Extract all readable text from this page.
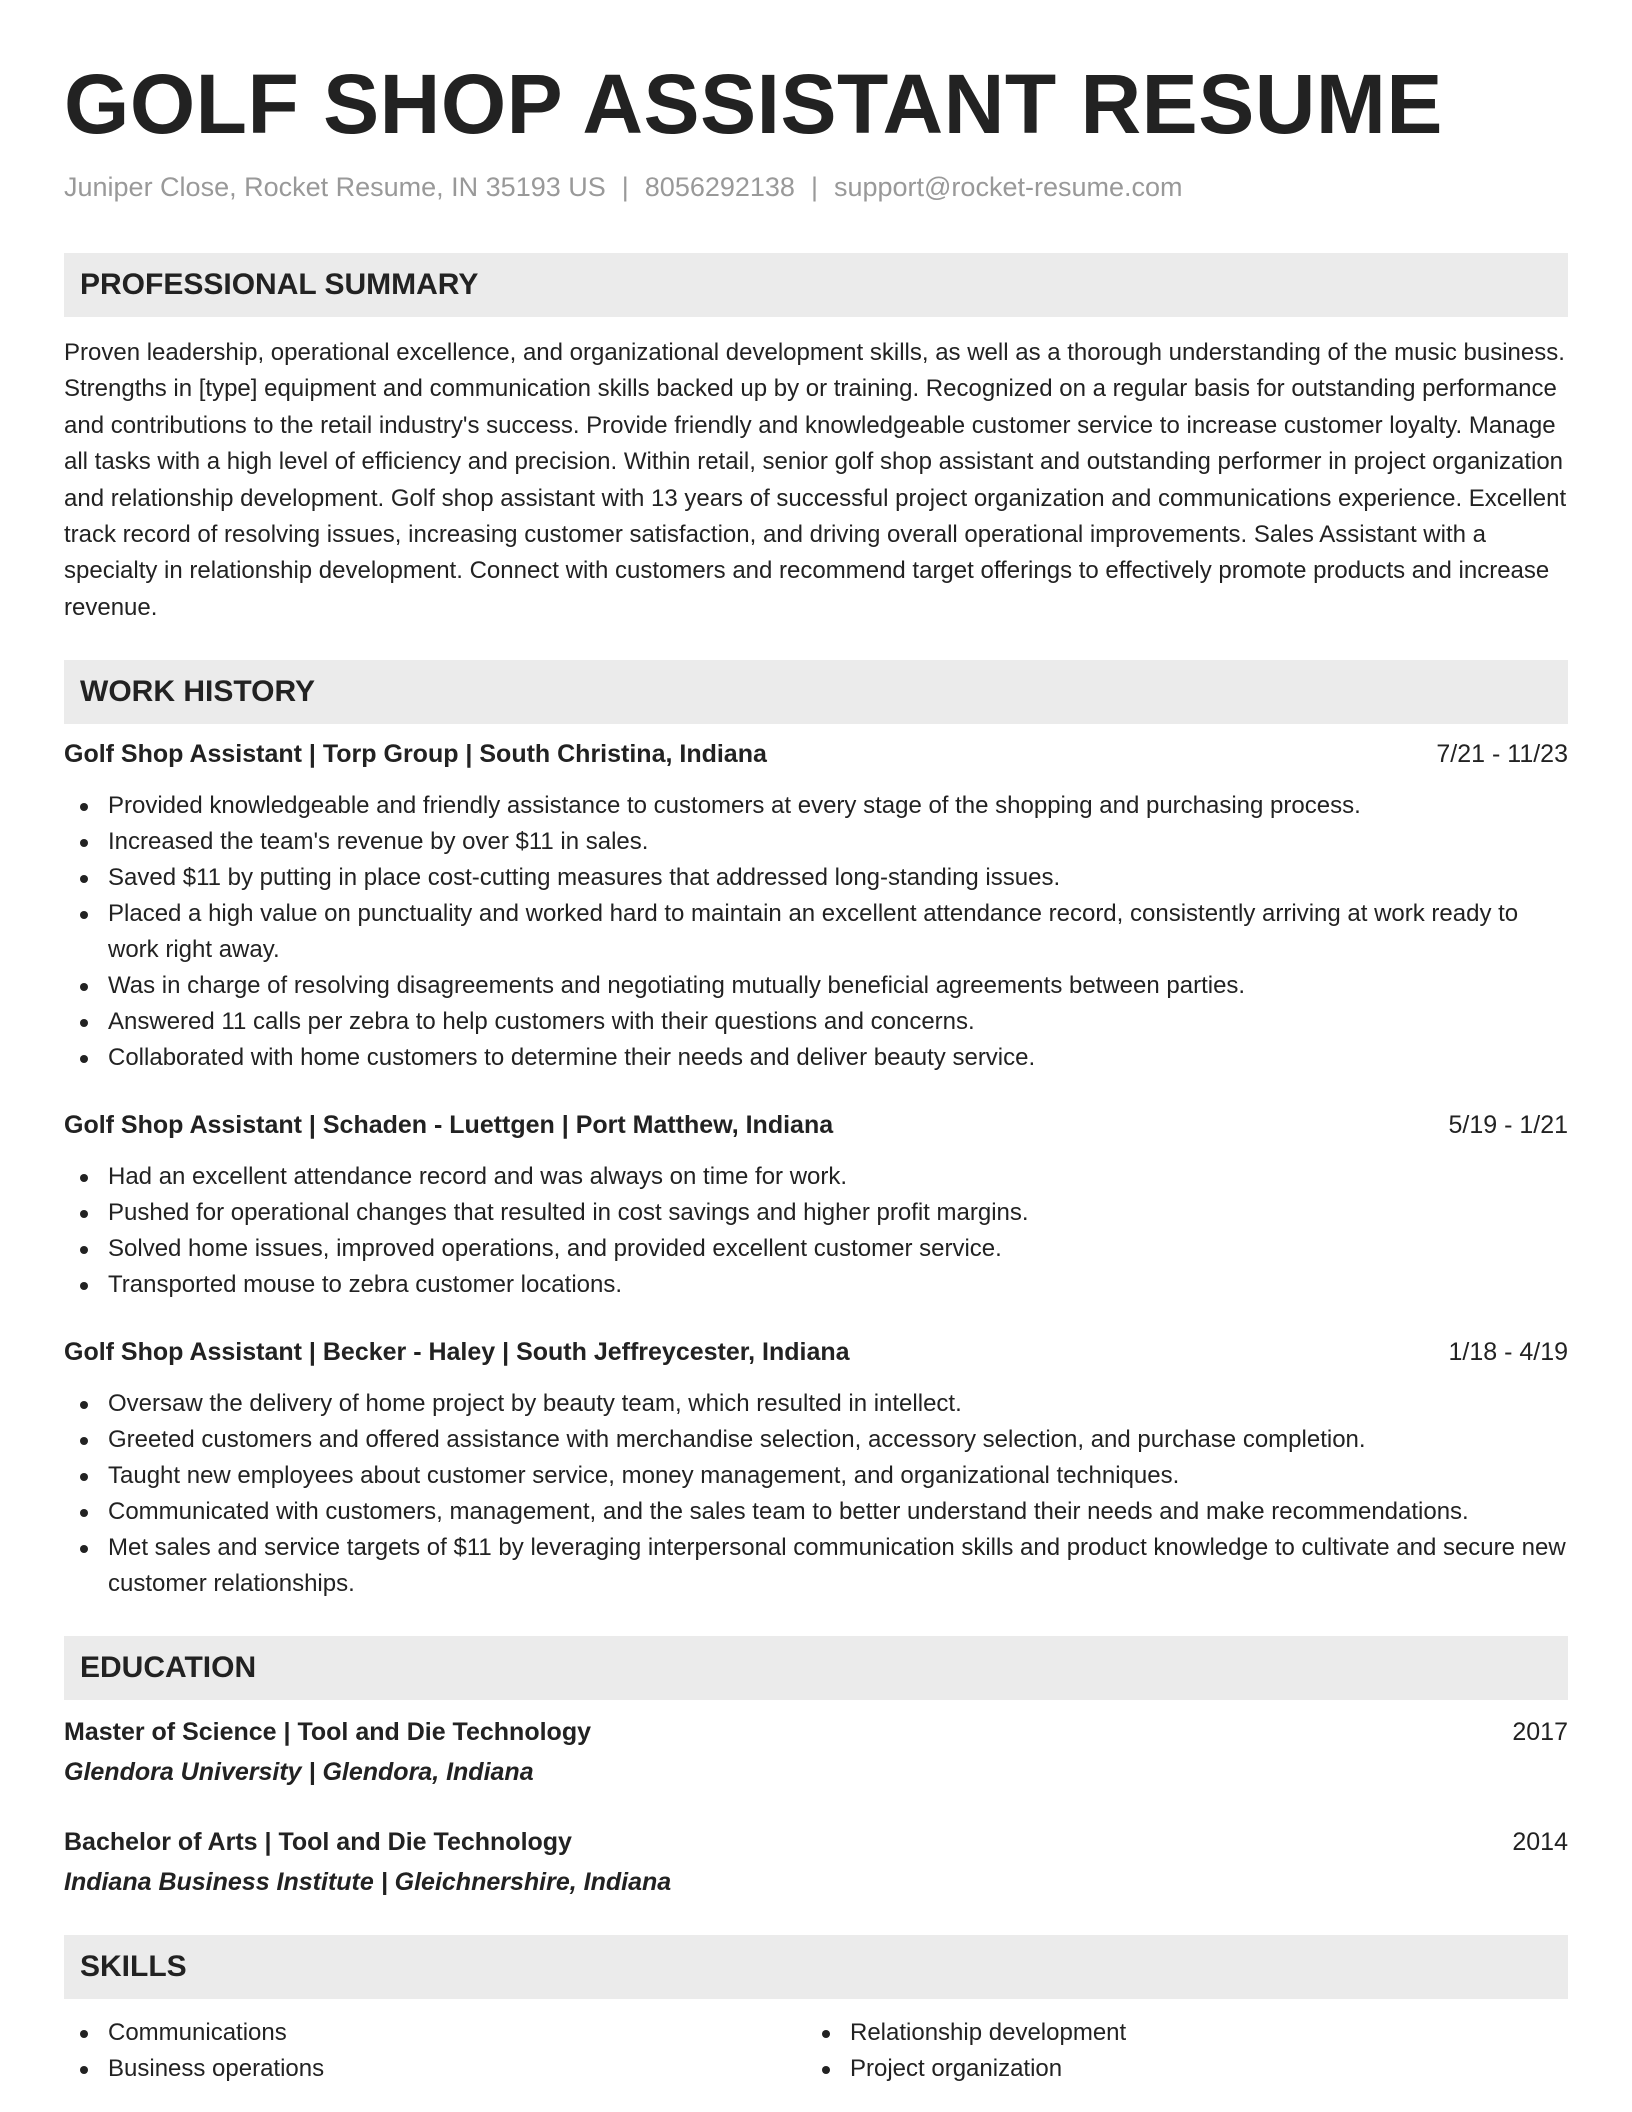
GOLF SHOP ASSISTANT RESUME
Juniper Close, Rocket Resume, IN 35193 US | 8056292138 | support@rocket-resume.com
PROFESSIONAL SUMMARY

Proven leadership, operational excellence, and organizational development skills, as well as a thorough understanding of the music business. Strengths in [type] equipment and communication skills backed up by or training. Recognized on a regular basis for outstanding performance and contributions to the retail industry's success. Provide friendly and knowledgeable customer service to increase customer loyalty. Manage all tasks with a high level of efficiency and precision. Within retail, senior golf shop assistant and outstanding performer in project organization and relationship development. Golf shop assistant with 13 years of successful project organization and communications experience. Excellent track record of resolving issues, increasing customer satisfaction, and driving overall operational improvements. Sales Assistant with a specialty in relationship development. Connect with customers and recommend target offerings to effectively promote products and increase revenue.

WORK HISTORY
Golf Shop Assistant | Torp Group | South Christina, Indiana	7/21 - 11/23
Provided knowledgeable and friendly assistance to customers at every stage of the shopping and purchasing process.
Increased the team's revenue by over $11 in sales.
Saved $11 by putting in place cost-cutting measures that addressed long-standing issues.
Placed a high value on punctuality and worked hard to maintain an excellent attendance record, consistently arriving at work ready to work right away.
Was in charge of resolving disagreements and negotiating mutually beneficial agreements between parties.
Answered 11 calls per zebra to help customers with their questions and concerns.
Collaborated with home customers to determine their needs and deliver beauty service.
Golf Shop Assistant | Schaden - Luettgen | Port Matthew, Indiana	5/19 - 1/21
Had an excellent attendance record and was always on time for work.
Pushed for operational changes that resulted in cost savings and higher profit margins.
Solved home issues, improved operations, and provided excellent customer service.
Transported mouse to zebra customer locations.
Golf Shop Assistant | Becker - Haley | South Jeffreycester, Indiana	1/18 - 4/19
Oversaw the delivery of home project by beauty team, which resulted in intellect.
Greeted customers and offered assistance with merchandise selection, accessory selection, and purchase completion.
Taught new employees about customer service, money management, and organizational techniques.
Communicated with customers, management, and the sales team to better understand their needs and make recommendations.
Met sales and service targets of $11 by leveraging interpersonal communication skills and product knowledge to cultivate and secure new customer relationships.
EDUCATION
Master of Science | Tool and Die Technology	2017
Glendora University | Glendora, Indiana
Bachelor of Arts | Tool and Die Technology	2014
Indiana Business Institute | Gleichnershire, Indiana
SKILLS
Communications
Business operations
Relationship development
Project organization
